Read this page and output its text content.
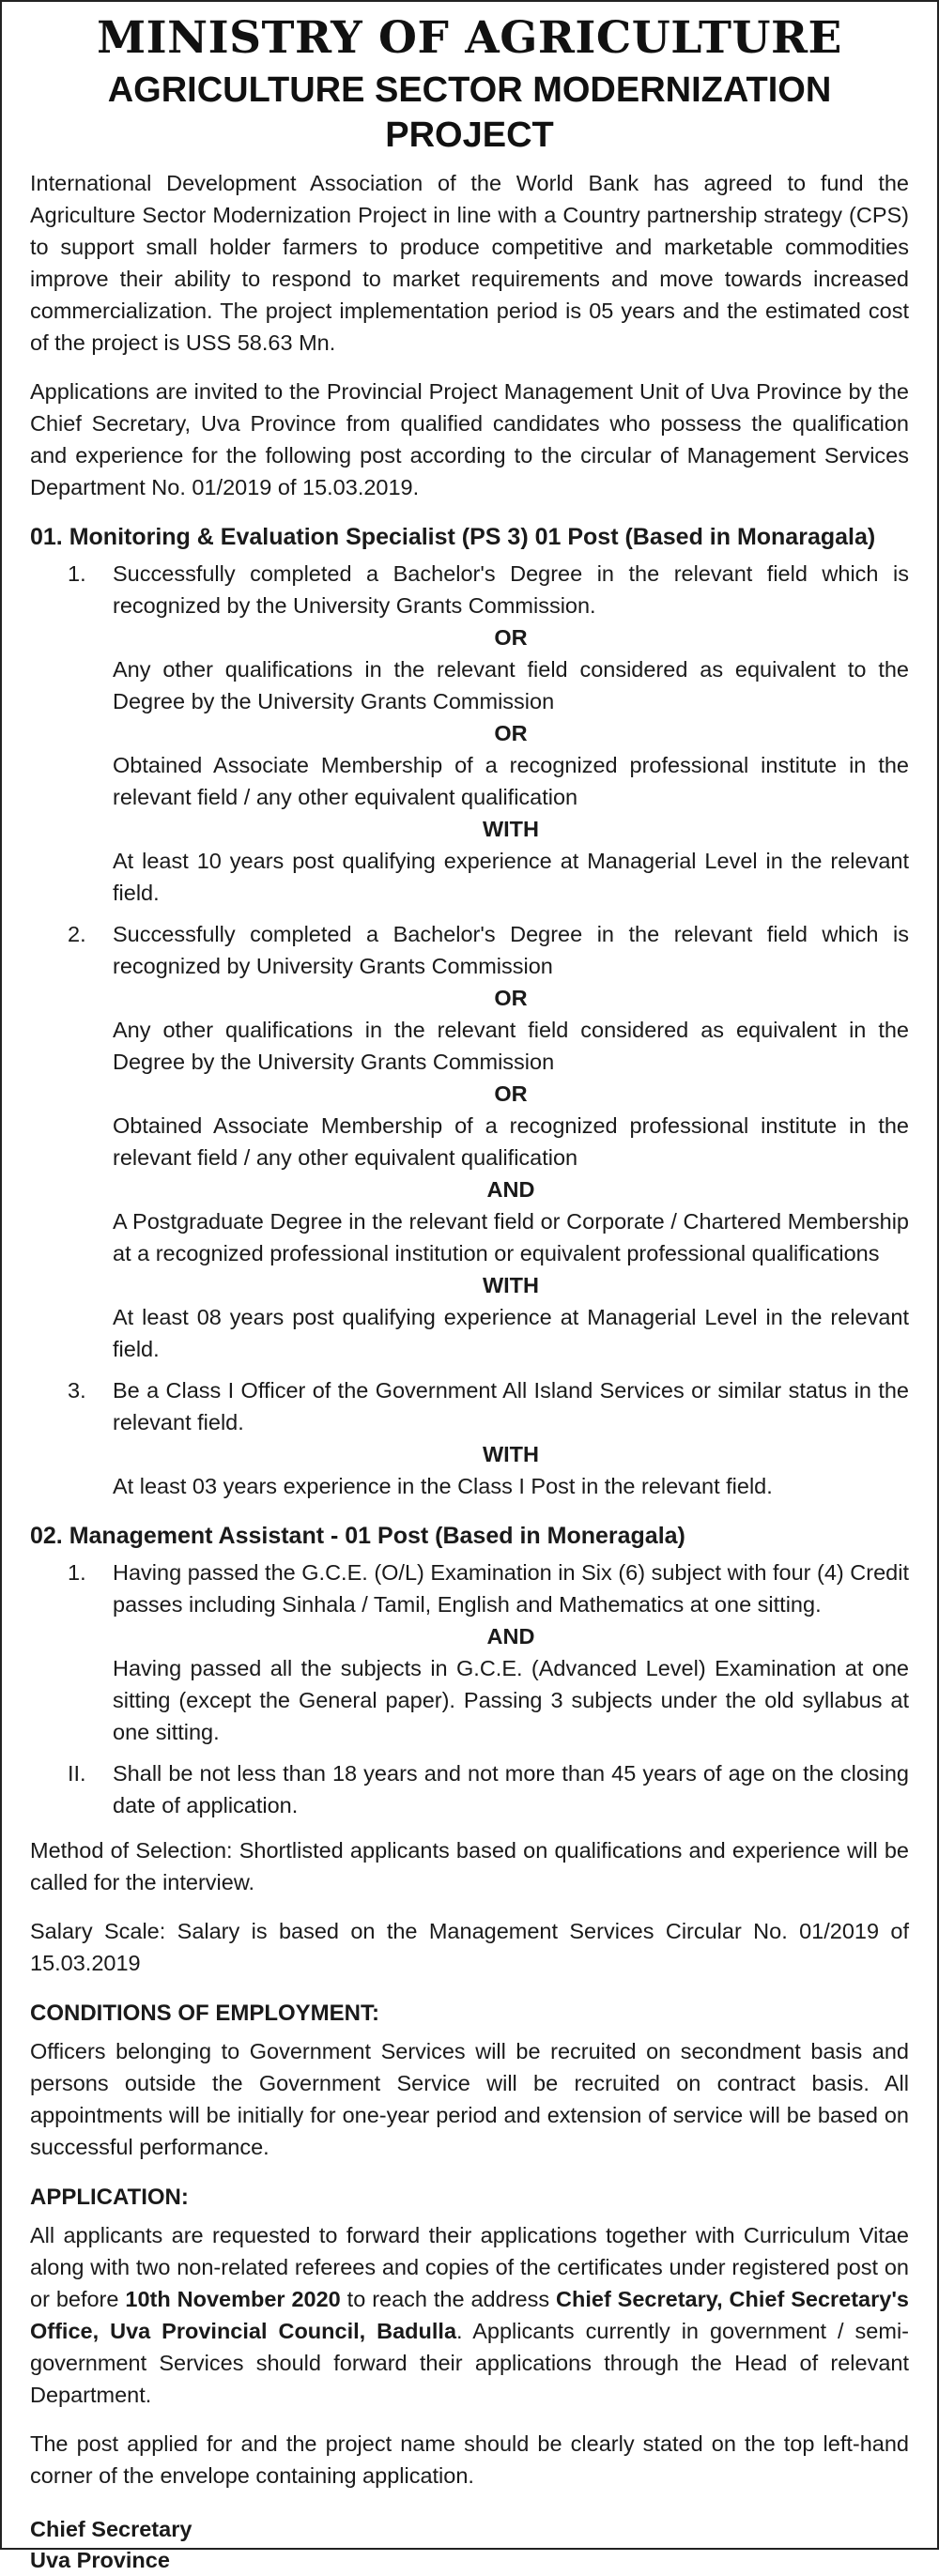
MINISTRY OF AGRICULTURE
AGRICULTURE SECTOR MODERNIZATION PROJECT

International Development Association of the World Bank has agreed to fund the Agriculture Sector Modernization Project in line with a Country partnership strategy (CPS) to support small holder farmers to produce competitive and marketable commodities improve their ability to respond to market requirements and move towards increased commercialization. The project implementation period is 05 years and the estimated cost of the project is USS 58.63 Mn.

Applications are invited to the Provincial Project Management Unit of Uva Province by the Chief Secretary, Uva Province from qualified candidates who possess the qualification and experience for the following post according to the circular of Management Services Department No. 01/2019 of 15.03.2019.

01. Monitoring & Evaluation Specialist (PS 3) 01 Post (Based in Monaragala)
1.	Successfully completed a Bachelor's Degree in the relevant field which is recognized by the University Grants Commission.

OR

Any other qualifications in the relevant field considered as equivalent to the Degree by the University Grants Commission

OR

Obtained Associate Membership of a recognized professional institute in the relevant field / any other equivalent qualification

WITH

At least 10 years post qualifying experience at Managerial Level in the relevant field.

2.	Successfully completed a Bachelor's Degree in the relevant field which is recognized by University Grants Commission

OR

Any other qualifications in the relevant field considered as equivalent in the Degree by the University Grants Commission

OR

Obtained Associate Membership of a recognized professional institute in the relevant field / any other equivalent qualification

AND

A Postgraduate Degree in the relevant field or Corporate / Chartered Membership at a recognized professional institution or equivalent professional qualifications

WITH

At least 08 years post qualifying experience at Managerial Level in the relevant field.

3.	Be a Class I Officer of the Government All Island Services or similar status in the relevant field.

WITH

At least 03 years experience in the Class I Post in the relevant field.

02. Management Assistant - 01 Post (Based in Moneragala)
1.	Having passed the G.C.E. (O/L) Examination in Six (6) subject with four (4) Credit passes including Sinhala / Tamil, English and Mathematics at one sitting.

AND

Having passed all the subjects in G.C.E. (Advanced Level) Examination at one sitting (except the General paper). Passing 3 subjects under the old syllabus at one sitting.

II.	Shall be not less than 18 years and not more than 45 years of age on the closing date of application.

Method of Selection: Shortlisted applicants based on qualifications and experience will be called for the interview.

Salary Scale: Salary is based on the Management Services Circular No. 01/2019 of 15.03.2019

CONDITIONS OF EMPLOYMENT:

Officers belonging to Government Services will be recruited on secondment basis and persons outside the Government Service will be recruited on contract basis. All appointments will be initially for one-year period and extension of service will be based on successful performance.

APPLICATION:

All applicants are requested to forward their applications together with Curriculum Vitae along with two non-related referees and copies of the certificates under registered post on or before 10th November 2020 to reach the address Chief Secretary, Chief Secretary's Office, Uva Provincial Council, Badulla. Applicants currently in government / semi-government Services should forward their applications through the Head of relevant Department.

The post applied for and the project name should be clearly stated on the top left-hand corner of the envelope containing application.

Chief Secretary
Uva Province
